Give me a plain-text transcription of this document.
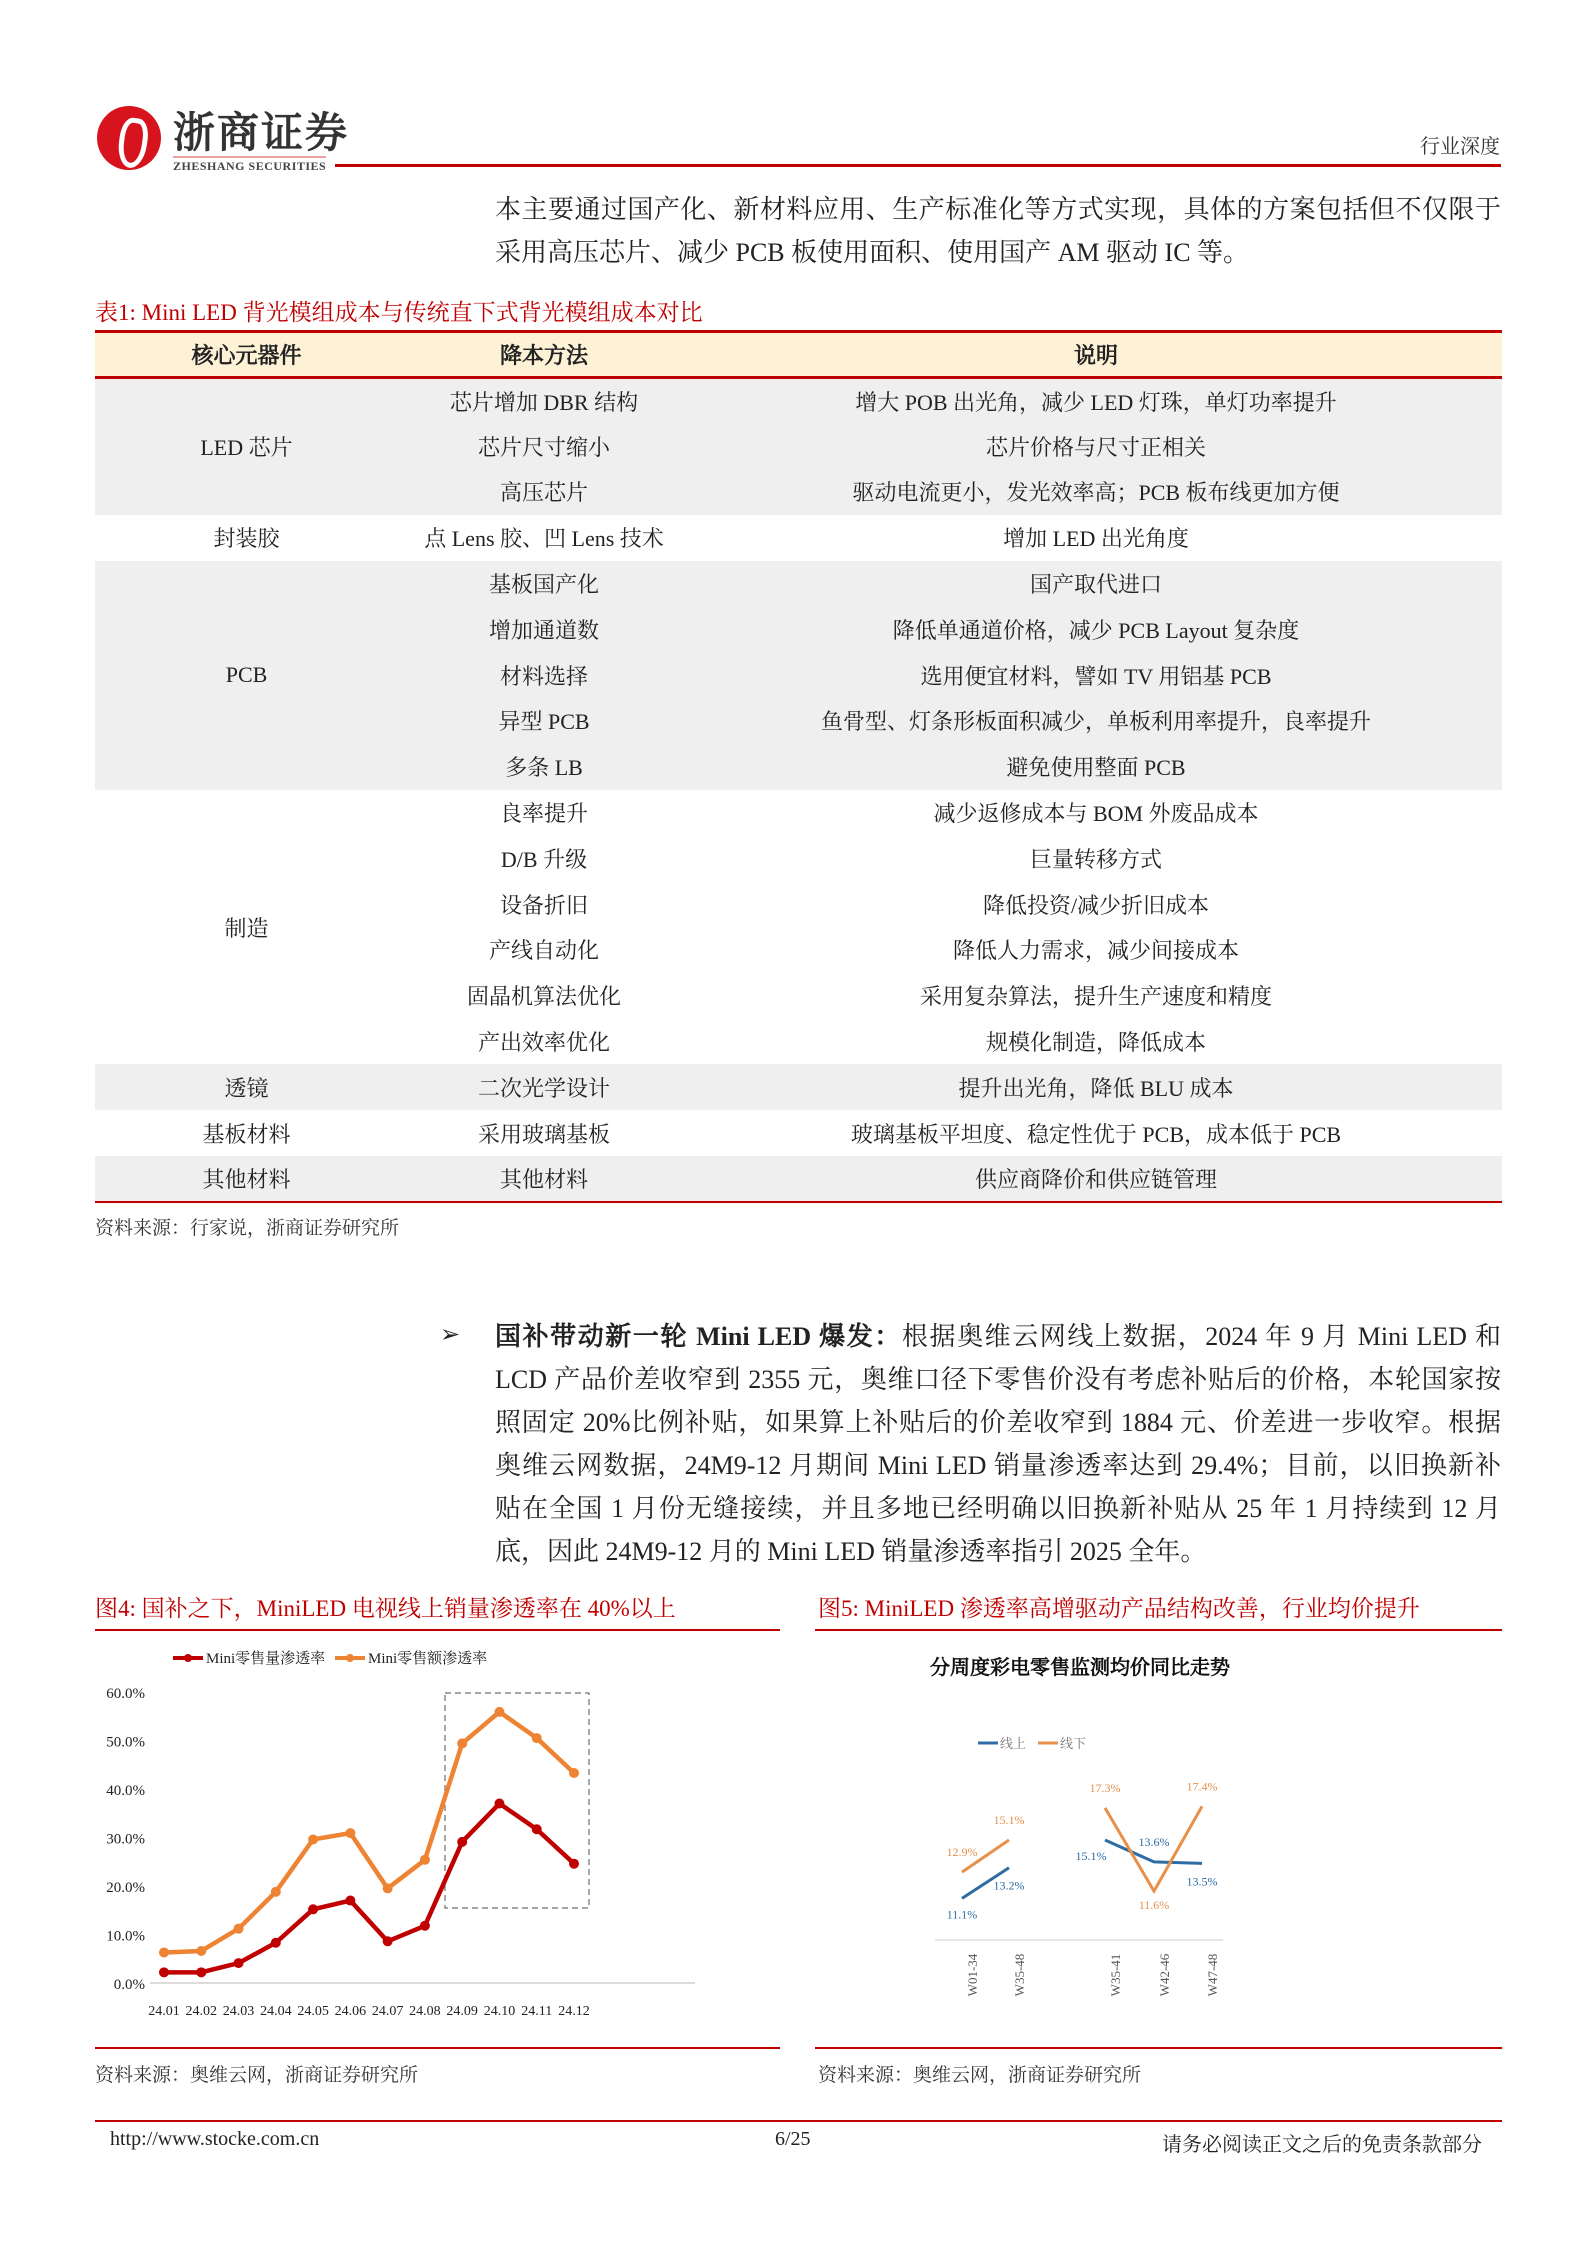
浙商证券
ZHESHANG SECURITIES
行业深度
本主要通过国产化、新材料应用、生产标准化等方式实现，具体的方案包括但不仅限于
采用高压芯片、减少 PCB 板使用面积、使用国产 AM 驱动 IC 等。
表1: Mini LED 背光模组成本与传统直下式背光模组成本对比
核心元器件	降本方法	说明
LED 芯片	芯片增加 DBR 结构	增大 POB 出光角，减少 LED 灯珠，单灯功率提升
	芯片尺寸缩小	芯片价格与尺寸正相关
	高压芯片	驱动电流更小，发光效率高；PCB 板布线更加方便
封装胶	点 Lens 胶、凹 Lens 技术	增加 LED 出光角度
PCB	基板国产化	国产取代进口
	增加通道数	降低单通道价格，减少 PCB Layout 复杂度
	材料选择	选用便宜材料，譬如 TV 用铝基 PCB
	异型 PCB	鱼骨型、灯条形板面积减少，单板利用率提升，良率提升
	多条 LB	避免使用整面 PCB
制造	良率提升	减少返修成本与 BOM 外废品成本
	D/B 升级	巨量转移方式
	设备折旧	降低投资/减少折旧成本
	产线自动化	降低人力需求，减少间接成本
	固晶机算法优化	采用复杂算法，提升生产速度和精度
	产出效率优化	规模化制造，降低成本
透镜	二次光学设计	提升出光角，降低 BLU 成本
基板材料	采用玻璃基板	玻璃基板平坦度、稳定性优于 PCB，成本低于 PCB
其他材料	其他材料	供应商降价和供应链管理
资料来源：行家说，浙商证券研究所
➢ 国补带动新一轮 Mini LED 爆发：根据奥维云网线上数据，2024 年 9 月 Mini LED 和
LCD 产品价差收窄到 2355 元，奥维口径下零售价没有考虑补贴后的价格，本轮国家按
照固定 20%比例补贴，如果算上补贴后的价差收窄到 1884 元、价差进一步收窄。根据
奥维云网数据，24M9-12 月期间 Mini LED 销量渗透率达到 29.4%；目前，以旧换新补
贴在全国 1 月份无缝接续，并且多地已经明确以旧换新补贴从 25 年 1 月持续到 12 月
底，因此 24M9-12 月的 Mini LED 销量渗透率指引 2025 全年。
图4: 国补之下，MiniLED 电视线上销量渗透率在 40%以上	图5: MiniLED 渗透率高增驱动产品结构改善，行业均价提升
0.0%
10.0%
20.0%
30.0%
40.0%
50.0%
60.0%
24.01 24.02 24.03 24.04 24.05 24.06 24.07 24.08 24.09 24.10 24.11 24.12
Mini零售量渗透率	Mini零售额渗透率	分周度彩电零售监测均价同比走势
W01-34 W35-48	W35-41	W42-46	W47-48
线上
11.1%
13.2%
15.1%
13.6%
13.5%
线下
12.9%
15.1%
17.3%
11.6%
17.4%
资料来源：奥维云网，浙商证券研究所	资料来源：奥维云网，浙商证券研究所
http://www.stocke.com.cn	6/25	请务必阅读正文之后的免责条款部分
